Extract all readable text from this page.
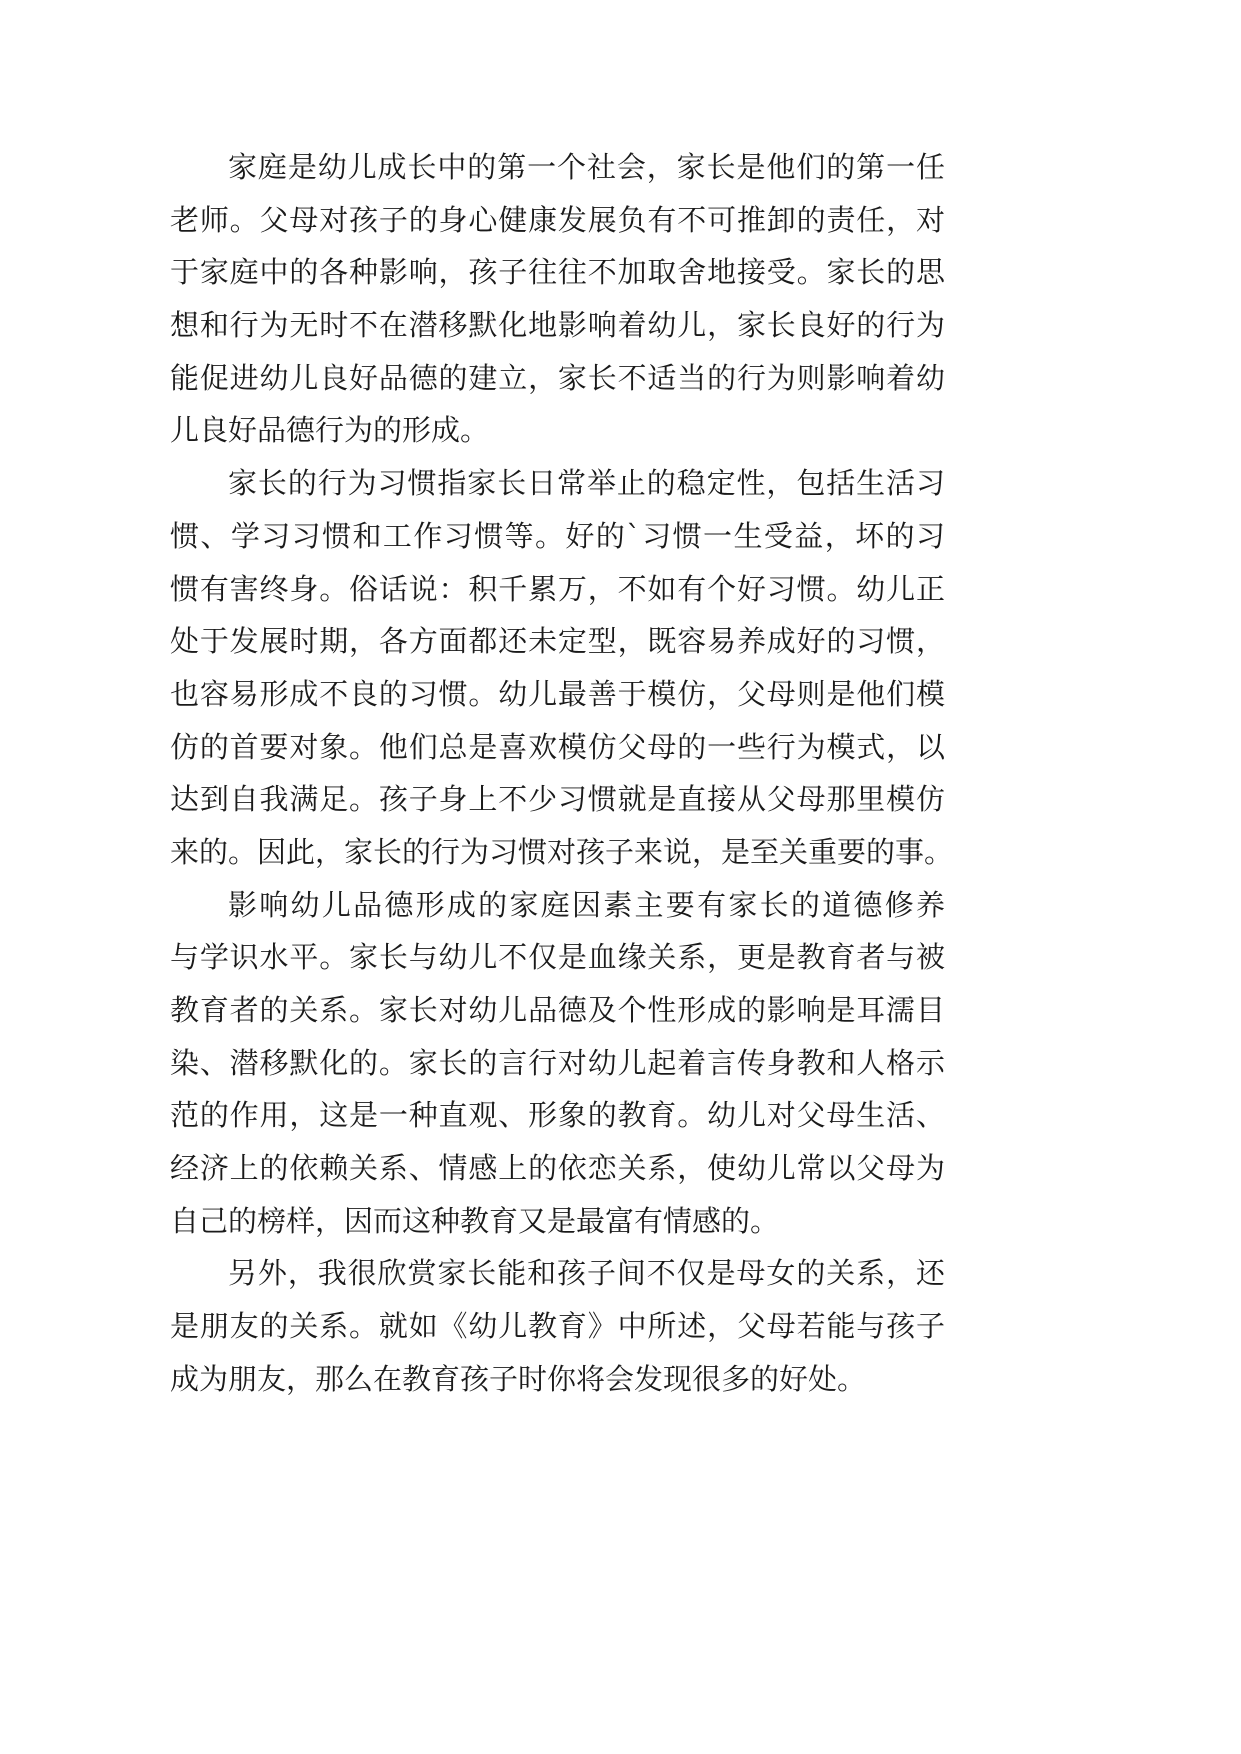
家庭是幼儿成长中的第一个社会，家长是他们的第一任
老师。父母对孩子的身心健康发展负有不可推卸的责任，对
于家庭中的各种影响，孩子往往不加取舍地接受。家长的思
想和行为无时不在潜移默化地影响着幼儿，家长良好的行为
能促进幼儿良好品德的建立，家长不适当的行为则影响着幼
儿良好品德行为的形成。
家长的行为习惯指家长日常举止的稳定性，包括生活习
惯、学习习惯和工作习惯等。好的`习惯一生受益，坏的习
惯有害终身。俗话说：积千累万，不如有个好习惯。幼儿正
处于发展时期，各方面都还未定型，既容易养成好的习惯，
也容易形成不良的习惯。幼儿最善于模仿，父母则是他们模
仿的首要对象。他们总是喜欢模仿父母的一些行为模式，以
达到自我满足。孩子身上不少习惯就是直接从父母那里模仿
来的。因此，家长的行为习惯对孩子来说，是至关重要的事。
影响幼儿品德形成的家庭因素主要有家长的道德修养
与学识水平。家长与幼儿不仅是血缘关系，更是教育者与被
教育者的关系。家长对幼儿品德及个性形成的影响是耳濡目
染、潜移默化的。家长的言行对幼儿起着言传身教和人格示
范的作用，这是一种直观、形象的教育。幼儿对父母生活、
经济上的依赖关系、情感上的依恋关系，使幼儿常以父母为
自己的榜样，因而这种教育又是最富有情感的。
另外，我很欣赏家长能和孩子间不仅是母女的关系，还
是朋友的关系。就如《幼儿教育》中所述，父母若能与孩子
成为朋友，那么在教育孩子时你将会发现很多的好处。
